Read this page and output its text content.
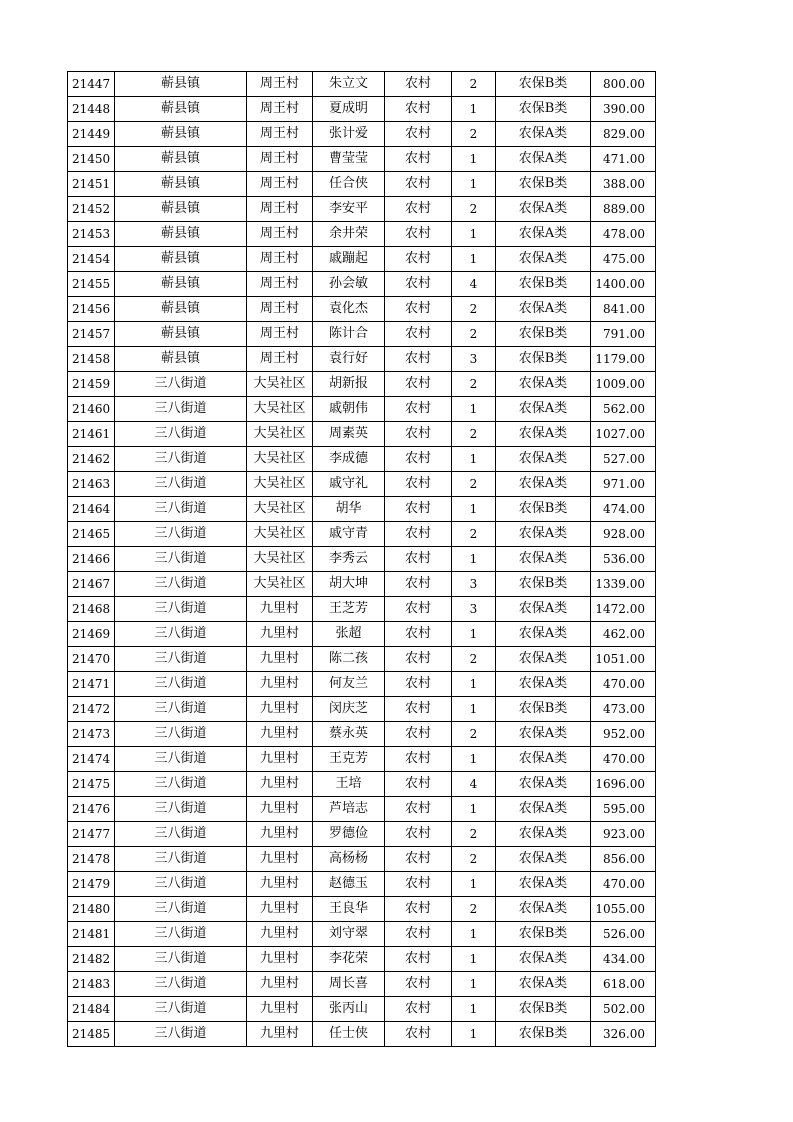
21447	蕲县镇	周王村	朱立文	农村	2	农保B类	800.00
21448	蕲县镇	周王村	夏成明	农村	1	农保B类	390.00
21449	蕲县镇	周王村	张计爱	农村	2	农保A类	829.00
21450	蕲县镇	周王村	曹莹莹	农村	1	农保A类	471.00
21451	蕲县镇	周王村	任合侠	农村	1	农保B类	388.00
21452	蕲县镇	周王村	李安平	农村	2	农保A类	889.00
21453	蕲县镇	周王村	余井荣	农村	1	农保A类	478.00
21454	蕲县镇	周王村	戚蹦起	农村	1	农保A类	475.00
21455	蕲县镇	周王村	孙会敏	农村	4	农保B类	1400.00
21456	蕲县镇	周王村	袁化杰	农村	2	农保A类	841.00
21457	蕲县镇	周王村	陈计合	农村	2	农保B类	791.00
21458	蕲县镇	周王村	袁行好	农村	3	农保B类	1179.00
21459	三八街道	大吴社区	胡新报	农村	2	农保A类	1009.00
21460	三八街道	大吴社区	戚朝伟	农村	1	农保A类	562.00
21461	三八街道	大吴社区	周素英	农村	2	农保A类	1027.00
21462	三八街道	大吴社区	李成德	农村	1	农保A类	527.00
21463	三八街道	大吴社区	戚守礼	农村	2	农保A类	971.00
21464	三八街道	大吴社区	胡华	农村	1	农保B类	474.00
21465	三八街道	大吴社区	戚守青	农村	2	农保A类	928.00
21466	三八街道	大吴社区	李秀云	农村	1	农保A类	536.00
21467	三八街道	大吴社区	胡大坤	农村	3	农保B类	1339.00
21468	三八街道	九里村	王芝芳	农村	3	农保A类	1472.00
21469	三八街道	九里村	张超	农村	1	农保A类	462.00
21470	三八街道	九里村	陈二孩	农村	2	农保A类	1051.00
21471	三八街道	九里村	何友兰	农村	1	农保A类	470.00
21472	三八街道	九里村	闵庆芝	农村	1	农保B类	473.00
21473	三八街道	九里村	蔡永英	农村	2	农保A类	952.00
21474	三八街道	九里村	王克芳	农村	1	农保A类	470.00
21475	三八街道	九里村	王培	农村	4	农保A类	1696.00
21476	三八街道	九里村	芦培志	农村	1	农保A类	595.00
21477	三八街道	九里村	罗德俭	农村	2	农保A类	923.00
21478	三八街道	九里村	高杨杨	农村	2	农保A类	856.00
21479	三八街道	九里村	赵德玉	农村	1	农保A类	470.00
21480	三八街道	九里村	王良华	农村	2	农保A类	1055.00
21481	三八街道	九里村	刘守翠	农村	1	农保B类	526.00
21482	三八街道	九里村	李花荣	农村	1	农保A类	434.00
21483	三八街道	九里村	周长喜	农村	1	农保A类	618.00
21484	三八街道	九里村	张丙山	农村	1	农保B类	502.00
21485	三八街道	九里村	任士侠	农村	1	农保B类	326.00
